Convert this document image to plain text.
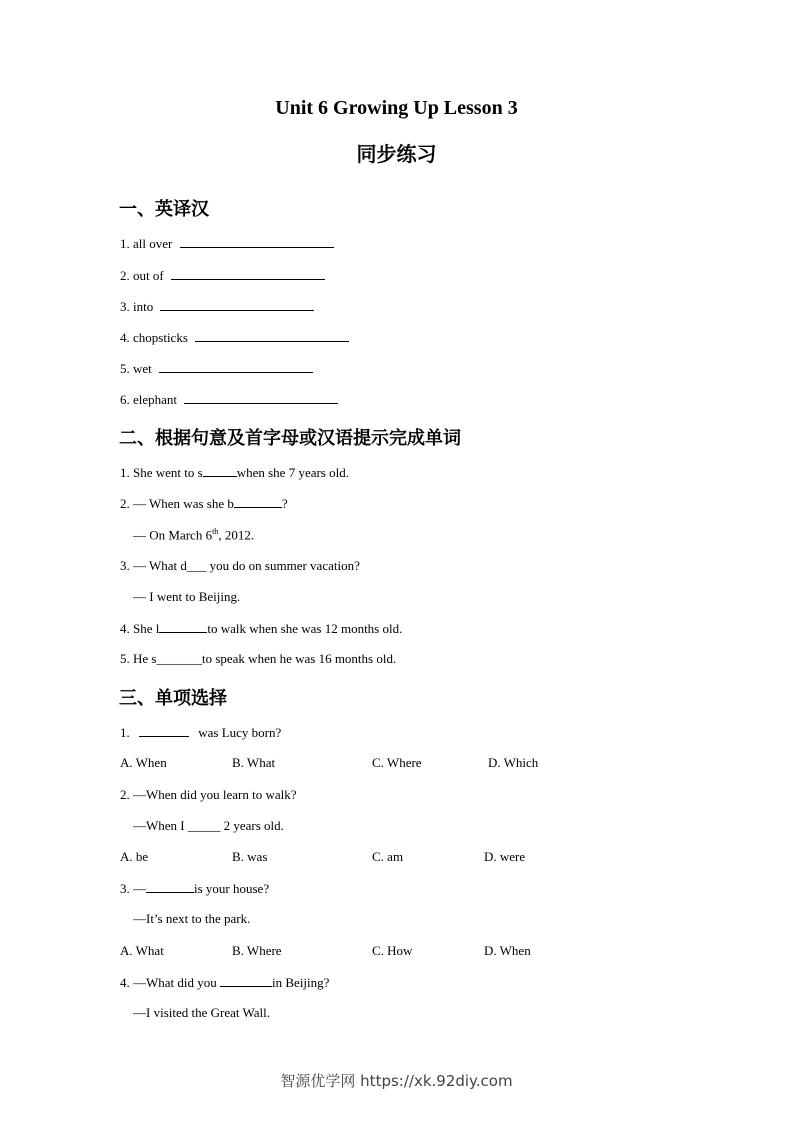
Unit 6 Growing Up Lesson 3
同步练习
一、英译汉
1. all over
2. out of
3. into
4. chopsticks
5. wet
6. elephant
二、根据句意及首字母或汉语提示完成单词
1. She went to s	when she 7 years old.
2. — When was she b	?
— On March 6th, 2012.
3. — What d___ you do on summer vacation?
— I went to Beijing.
4. She l	to walk when she was 12 months old.
5. He s_______to speak when he was 16 months old.
三、单项选择
1.	was Lucy born?
A. When	B. What	C. Where	D. Which
2. —When did you learn to walk?
—When I _____ 2 years old.
A. be	B. was	C. am	D. were
3. —	is your house?
—It’s next to the park.
A. What	B. Where	C. How	D. When
4. —What did you	in Beijing?
—I visited the Great Wall.
智源优学网 https://xk.92diy.com
